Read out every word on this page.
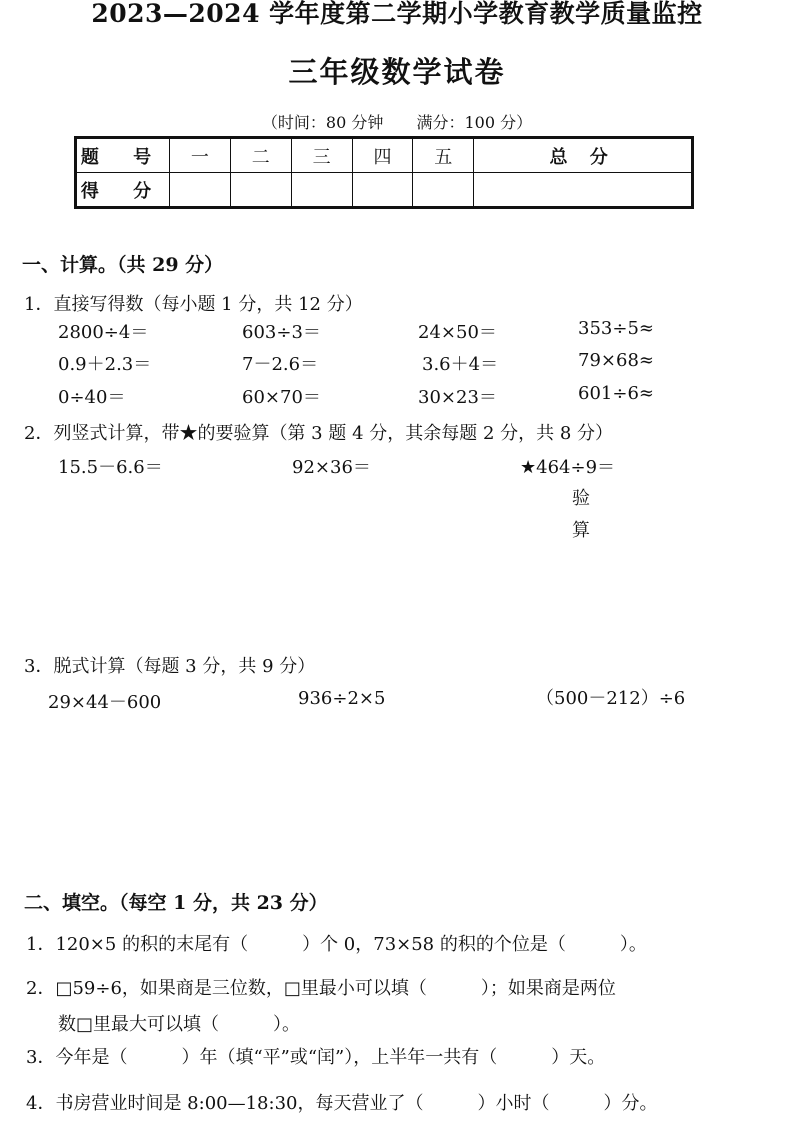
2023—2024 学年度第二学期小学教育教学质量监控
三年级数学试卷
（时间：80 分钟 满分：100 分）
题 号	一	二	三	四	五	总 分
得 分						
一、计算。（共 29 分）
1．直接写得数（每小题 1 分，共 12 分）
2800÷4＝	603÷3＝	24×50＝	353÷5≈
0.9＋2.3＝	7－2.6＝	3.6＋4＝	79×68≈
0÷40＝	60×70＝	30×23＝	601÷6≈
2．列竖式计算，带★的要验算（第 3 题 4 分，其余每题 2 分，共 8 分）
15.5－6.6＝	92×36＝	★464÷9＝
验
算
3．脱式计算（每题 3 分，共 9 分）
29×44－600	936÷2×5	（500－212）÷6
二、填空。（每空 1 分，共 23 分）
1．120×5 的积的末尾有（　　　）个 0，73×58 的积的个位是（　　　）。
2．□59÷6，如果商是三位数，□里最小可以填（　　　）；如果商是两位
数□里最大可以填（　　　）。
3．今年是（　　　）年（填“平”或“闰”），上半年一共有（　　　）天。
4．书房营业时间是 8:00—18:30，每天营业了（　　　）小时（　　　）分。
